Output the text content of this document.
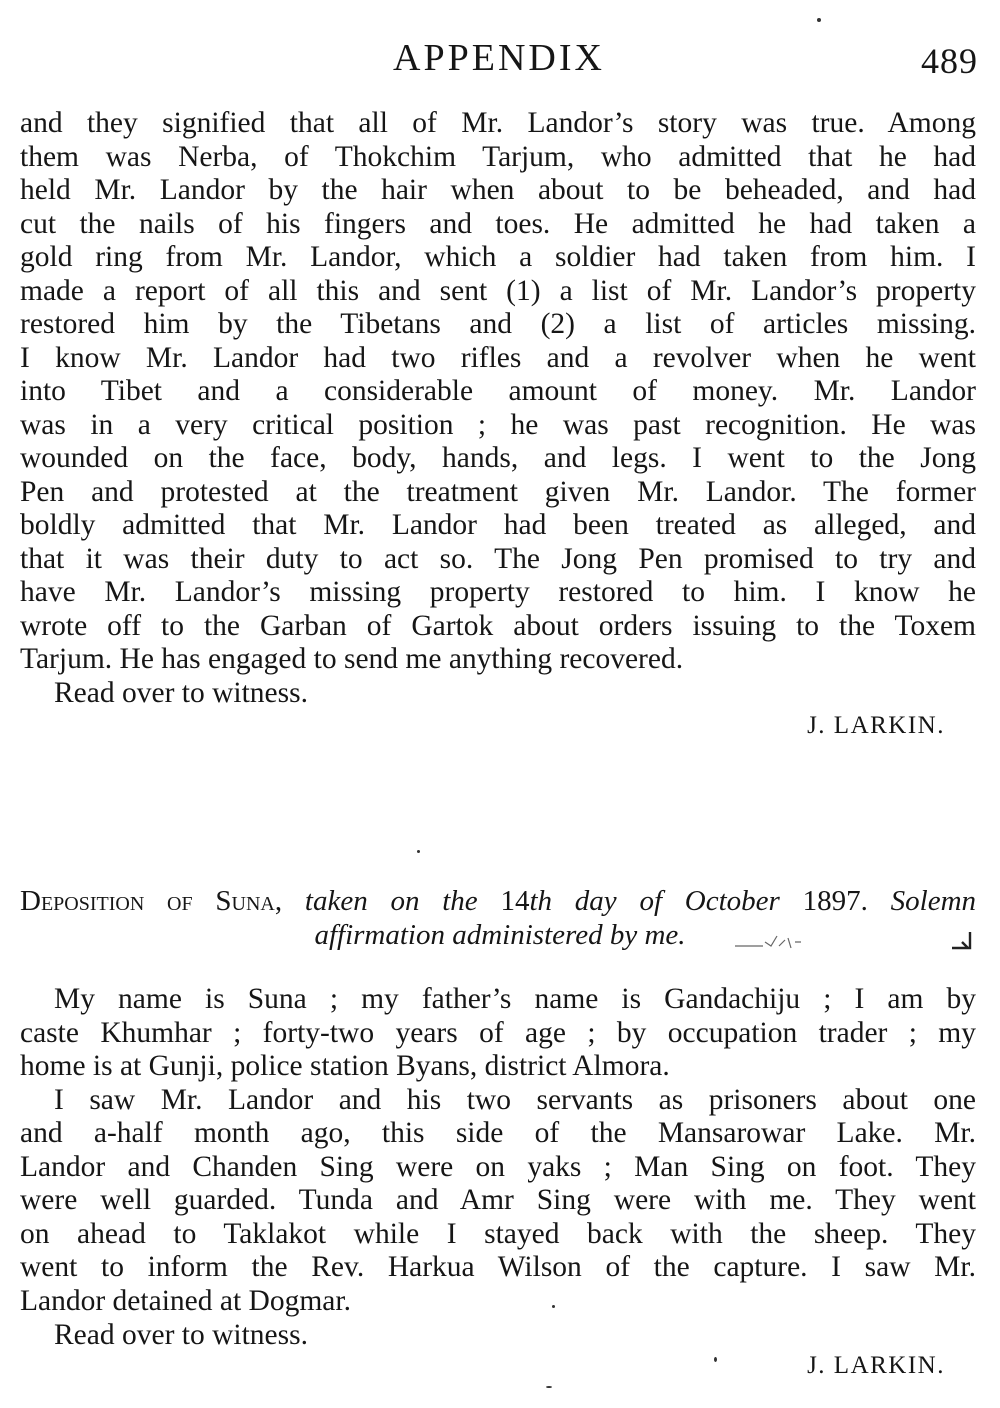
APPENDIX	489
and they signified that all of Mr. Landor’s story was true. Among
them was Nerba, of Thokchim Tarjum, who admitted that he had
held Mr. Landor by the hair when about to be beheaded, and had
cut the nails of his fingers and toes. He admitted he had taken a
gold ring from Mr. Landor, which a soldier had taken from him. I
made a report of all this and sent (1) a list of Mr. Landor’s property
restored him by the Tibetans and (2) a list of articles missing.
I know Mr. Landor had two rifles and a revolver when he went
into Tibet and a considerable amount of money. Mr. Landor
was in a very critical position ; he was past recognition. He was
wounded on the face, body, hands, and legs. I went to the Jong
Pen and protested at the treatment given Mr. Landor. The former
boldly admitted that Mr. Landor had been treated as alleged, and
that it was their duty to act so. The Jong Pen promised to try and
have Mr. Landor’s missing property restored to him. I know he
wrote off to the Garban of Gartok about orders issuing to the Toxem
Tarjum. He has engaged to send me anything recovered.
Read over to witness.
J. LARKIN.
Deposition of Suna, taken on the 14th day of October 1897. Solemn
affirmation administered by me.
My name is Suna ; my father’s name is Gandachiju ; I am by
caste Khumhar ; forty-two years of age ; by occupation trader ; my
home is at Gunji, police station Byans, district Almora.
I saw Mr. Landor and his two servants as prisoners about one
and a-half month ago, this side of the Mansarowar Lake. Mr.
Landor and Chanden Sing were on yaks ; Man Sing on foot. They
were well guarded. Tunda and Amr Sing were with me. They went
on ahead to Taklakot while I stayed back with the sheep. They
went to inform the Rev. Harkua Wilson of the capture. I saw Mr.
Landor detained at Dogmar.
Read over to witness.
J. LARKIN.
